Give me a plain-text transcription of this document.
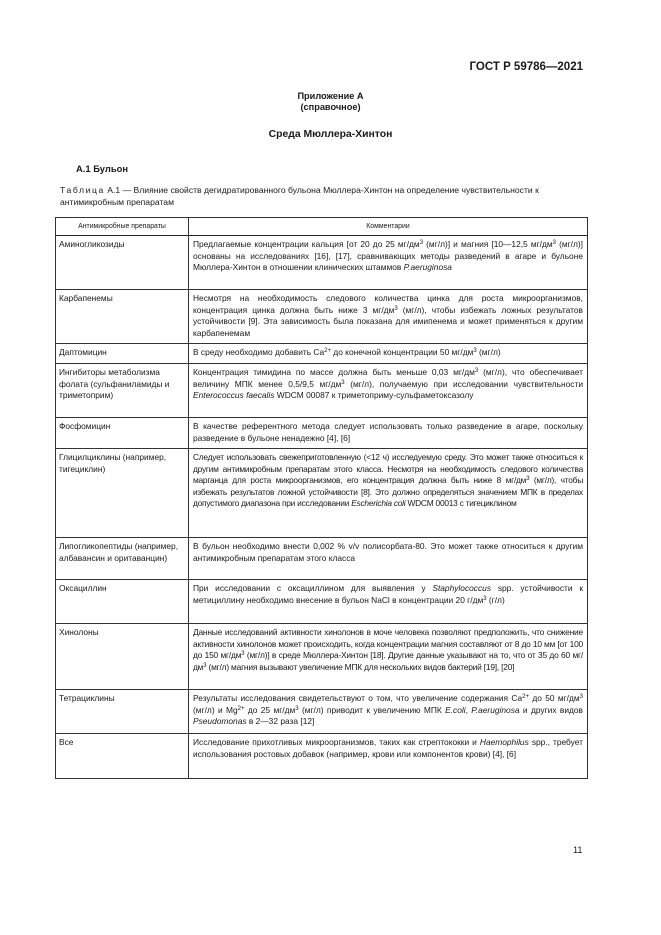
ГОСТ Р 59786—2021
Приложение А
(справочное)
Среда Мюллера-Хинтон
А.1 Бульон
Таблица А.1 — Влияние свойств дегидратированного бульона Мюллера-Хинтон на определение чувствительности к антимикробным препаратам
Антимикробные препараты	Комментарии
Аминогликозиды	Предлагаемые концентрации кальция [от 20 до 25 $мг/дм^3$ (мг/л)] и магния [10—12,5 $мг/дм^3$ (мг/л)] основаны на исследованиях [16], [17], сравнивающих методы разведений в агаре и бульоне Мюллера-Хинтон в отношении клинических штаммов P.aeruginosa
Карбапенемы	Несмотря на необходимость следового количества цинка для роста микроорганизмов, концентрация цинка должна быть ниже 3 $мг/дм^3$ (мг/л), чтобы избежать ложных результатов устойчивости [9]. Эта зависимость была показана для имипенема и может применяться к другим карбапенемам
Даптомицин	В среду необходимо добавить $Ca^{2+}$ до конечной концентрации 50 $мг/дм^3$ (мг/л)
Ингибиторы метаболизма фолата (сульфаниламиды и триметоприм)	Концентрация тимидина по массе должна быть меньше 0,03 $мг/дм^3$ (мг/л), что обеспечивает величину МПК менее 0,5/9,5 $мг/дм^3$ (мг/л), получаемую при исследовании чувствительности Enterococcus faecalis WDCM 00087 к триметоприму-сульфаметоксазолу
Фосфомицин	В качестве референтного метода следует использовать только разведение в агаре, поскольку разведение в бульоне ненадежно [4], [6]
Глицилциклины (например, тигециклин)	Следует использовать свежеприготовленную (<12 ч) исследуемую среду. Это может также относиться к другим антимикробным препаратам этого класса. Несмотря на необходимость следового количества марганца для роста микроорганизмов, его концентрация должна быть ниже 8 $мг/дм^3$ (мг/л), чтобы избежать результатов ложной устойчивости [8]. Это должно определяться значением МПК в пределах допустимого диапазона при исследовании Escherichia coli WDCM 00013 с тигециклином
Липогликопептиды (например, албавансин и оритаванцин)	В бульон необходимо внести 0,002 % v/v полисорбата-80. Это может также относиться к другим антимикробным препаратам этого класса
Оксациллин	При исследовании с оксациллином для выявления у Staphylococcus spp. устойчивости к метициллину необходимо внесение в бульон NaCl в концентрации 20 $г/дм^3$ (г/л)
Хинолоны	Данные исследований активности хинолонов в моче человека позволяют предположить, что снижение активности хинолонов может происходить, когда концентрации магния составляют от 8 до 10 мм [от 100 до 150 $мг/дм^3$ (мг/л)] в среде Мюллера-Хинтон [18]. Другие данные указывают на то, что от 35 до 60 $мг/дм^3$ (мг/л) магния вызывают увеличение МПК для нескольких видов бактерий [19], [20]
Тетрациклины	Результаты исследования свидетельствуют о том, что увеличение содержания $Ca^{2+}$ до 50 $мг/дм^3$ (мг/л) и $Mg^{2+}$ до 25 $мг/дм^3$ (мг/л) приводит к увеличению МПК E.coli, P.aeruginosa и других видов Pseudomonas в 2—32 раза [12]
Все	Исследование прихотливых микроорганизмов, таких как стрептококки и Haemophilus spp., требует использования ростовых добавок (например, крови или компонентов крови) [4], [6]
11
